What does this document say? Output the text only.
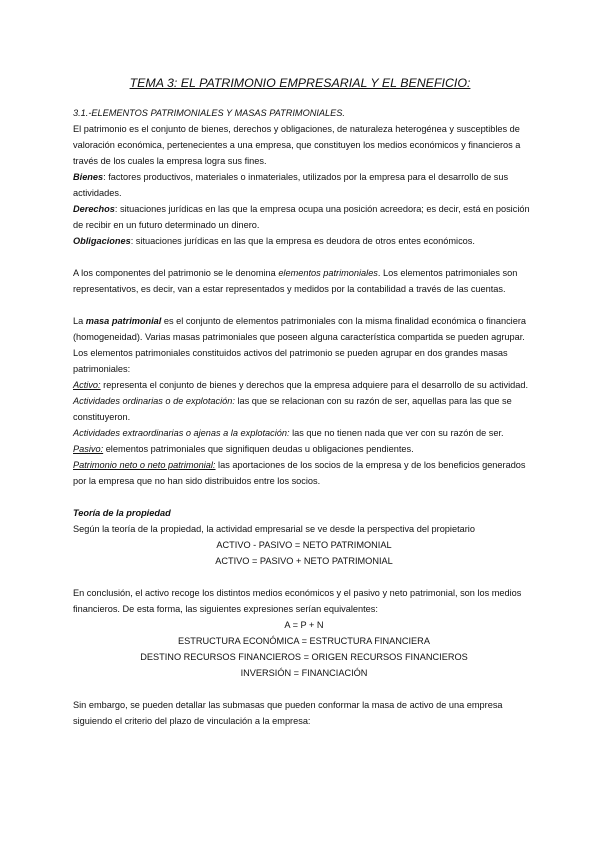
TEMA 3: EL PATRIMONIO EMPRESARIAL Y EL BENEFICIO:

3.1.-ELEMENTOS PATRIMONIALES Y MASAS PATRIMONIALES.

El patrimonio es el conjunto de bienes, derechos y obligaciones, de naturaleza heterogénea y susceptibles de valoración económica, pertenecientes a una empresa, que constituyen los medios económicos y financieros a través de los cuales la empresa logra sus fines.

Bienes: factores productivos, materiales o inmateriales, utilizados por la empresa para el desarrollo de sus actividades.

Derechos: situaciones jurídicas en las que la empresa ocupa una posición acreedora; es decir, está en posición de recibir en un futuro determinado un dinero.

Obligaciones: situaciones jurídicas en las que la empresa es deudora de otros entes económicos.

A los componentes del patrimonio se le denomina elementos patrimoniales. Los elementos patrimoniales son representativos, es decir, van a estar representados y medidos por la contabilidad a través de las cuentas.

La masa patrimonial es el conjunto de elementos patrimoniales con la misma finalidad económica o financiera (homogeneidad). Varias masas patrimoniales que poseen alguna característica compartida se pueden agrupar. Los elementos patrimoniales constituidos activos del patrimonio se pueden agrupar en dos grandes masas patrimoniales:

Activo: representa el conjunto de bienes y derechos que la empresa adquiere para el desarrollo de su actividad.

Actividades ordinarias o de explotación: las que se relacionan con su razón de ser, aquellas para las que se constituyeron.

Actividades extraordinarias o ajenas a la explotación: las que no tienen nada que ver con su razón de ser.

Pasivo: elementos patrimoniales que signifiquen deudas u obligaciones pendientes.

Patrimonio neto o neto patrimonial: las aportaciones de los socios de la empresa y de los beneficios generados por la empresa que no han sido distribuidos entre los socios.

Teoría de la propiedad

Según la teoría de la propiedad, la actividad empresarial se ve desde la perspectiva del propietario

ACTIVO - PASIVO = NETO PATRIMONIAL

ACTIVO = PASIVO + NETO PATRIMONIAL

En conclusión, el activo recoge los distintos medios económicos y el pasivo y neto patrimonial, son los medios financieros. De esta forma, las siguientes expresiones serían equivalentes:

A = P + N

ESTRUCTURA ECONÓMICA = ESTRUCTURA FINANCIERA

DESTINO RECURSOS FINANCIEROS = ORIGEN RECURSOS FINANCIEROS

INVERSIÓN = FINANCIACIÓN

Sin embargo, se pueden detallar las submasas que pueden conformar la masa de activo de una empresa siguiendo el criterio del plazo de vinculación a la empresa:
